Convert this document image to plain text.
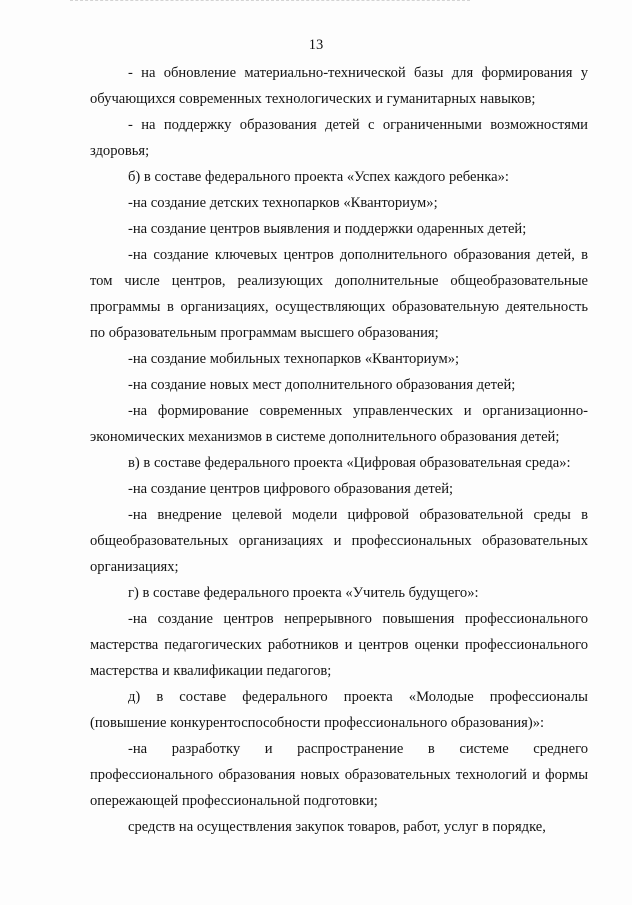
13

- на обновление материально-технической базы для формирования у обучающихся современных технологических и гуманитарных навыков;

- на поддержку образования детей с ограниченными возможностями здоровья;

б) в составе федерального проекта «Успех каждого ребенка»:

-на создание детских технопарков «Кванториум»;

-на создание центров выявления и поддержки одаренных детей;

-на создание ключевых центров дополнительного образования детей, в том числе центров, реализующих дополнительные общеобразовательные программы в организациях, осуществляющих образовательную деятельность по образовательным программам высшего образования;

-на создание мобильных технопарков «Кванториум»;

-на создание новых мест дополнительного образования детей;

-на формирование современных управленческих и организационно-экономических механизмов в системе дополнительного образования детей;

в) в составе федерального проекта «Цифровая образовательная среда»:

-на создание центров цифрового образования детей;

-на внедрение целевой модели цифровой образовательной среды в общеобразовательных организациях и профессиональных образовательных организациях;

г) в составе федерального проекта «Учитель будущего»:

-на создание центров непрерывного повышения профессионального мастерства педагогических работников и центров оценки профессионального мастерства и квалификации педагогов;

д) в составе федерального проекта «Молодые профессионалы (повышение конкурентоспособности профессионального образования)»:

-на разработку и распространение в системе среднего профессионального образования новых образовательных технологий и формы опережающей профессиональной подготовки;

средств на осуществления закупок товаров, работ, услуг в порядке,
